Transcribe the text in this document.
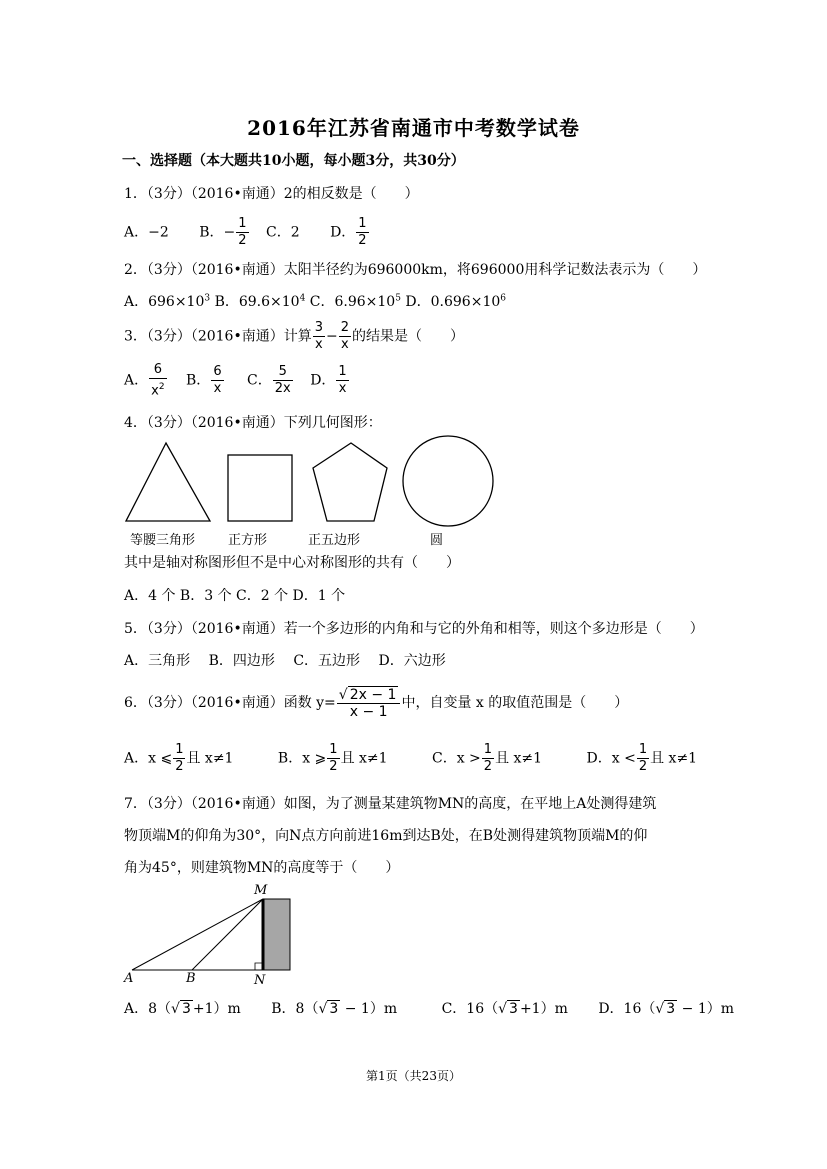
2016年江苏省南通市中考数学试卷
一、选择题（本大题共10小题，每小题3分，共30分）
1．（3分）（2016•南通）2的相反数是（　　）
A．−2 B．− $\frac{1}{2}$ C．2 D． $\frac{1}{2}$
2．（3分）（2016•南通）太阳半径约为696000km，将696000用科学记数法表示为（　　）
A．$696\times 10^3$ B．$69.6\times 10^4$ C．$6.96\times 10^5$ D．$0.696\times 10^6$
3．（3分）（2016•南通）计算 $\frac{3}{x} - \frac{2}{x}$ 的结果是（　　）
A． $\frac{6}{x^2}$ B． $\frac{6}{x}$ C． $\frac{5}{2x}$ D． $\frac{1}{x}$
4．（3分）（2016•南通）下列几何图形：
等腰三角形	正方形	正五边形	圆
其中是轴对称图形但不是中心对称图形的共有（　　）
A．4 个 B．3 个 C．2 个 D．1 个
5．（3分）（2016•南通）若一个多边形的内角和与它的外角和相等，则这个多边形是（　　）
A．三角形 B．四边形 C．五边形 D．六边形
6．（3分）（2016•南通）函数 $y= \frac{√ 2x - 1}{x - 1}$ 中，自变量 x 的取值范围是（　　）
A．x ⩽ $\frac{1}{2}$ 且 x≠1	B．x ⩾ $\frac{1}{2}$ 且 x≠1	C．$x > \frac{1}{2}$ 且 x≠1	D．$x < \frac{1}{2}$ 且 x≠1
7．（3分）（2016•南通）如图，为了测量某建筑物MN的高度，在平地上A处测得建筑
物顶端M的仰角为30°，向N点方向前进16m到达B处，在B处测得建筑物顶端M的仰
角为45°，则建筑物MN的高度等于（　　）
M
A	B	N
A．8（√ 3 +1）m B．8（√ 3 − 1）m	C．16（√ 3 +1）m D．16（√ 3 − 1）m
第1页（共23页）
